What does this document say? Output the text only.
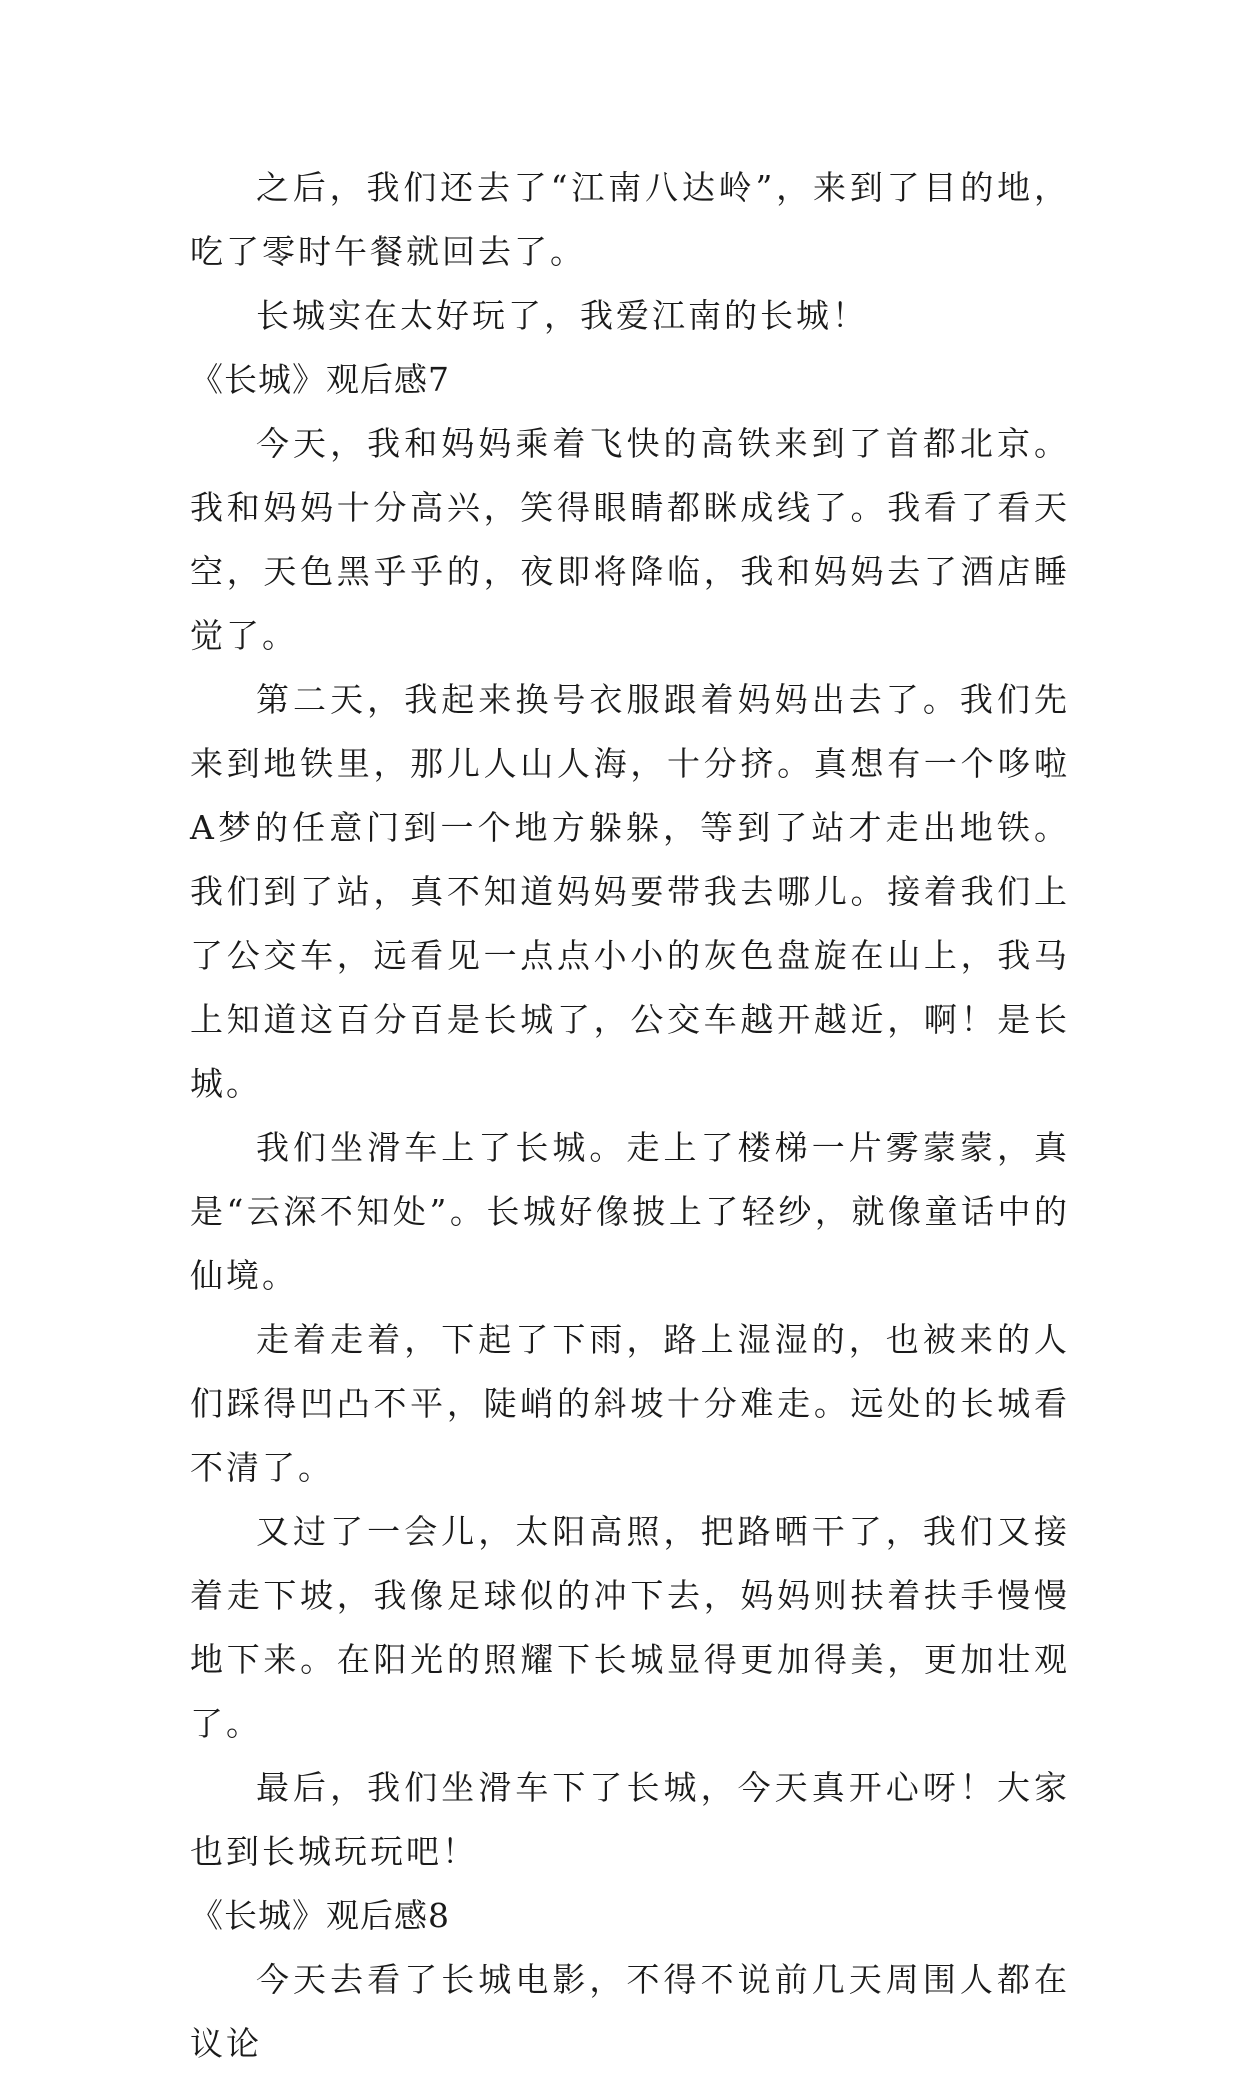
之后，我们还去了“江南八达岭”，来到了目的地，吃了零时午餐就回去了。

长城实在太好玩了，我爱江南的长城！

《长城》观后感7

今天，我和妈妈乘着飞快的高铁来到了首都北京。我和妈妈十分高兴，笑得眼睛都眯成线了。我看了看天空，天色黑乎乎的，夜即将降临，我和妈妈去了酒店睡觉了。

第二天，我起来换号衣服跟着妈妈出去了。我们先来到地铁里，那儿人山人海，十分挤。真想有一个哆啦A梦的任意门到一个地方躲躲，等到了站才走出地铁。我们到了站，真不知道妈妈要带我去哪儿。接着我们上了公交车，远看见一点点小小的灰色盘旋在山上，我马上知道这百分百是长城了，公交车越开越近，啊！是长城。

我们坐滑车上了长城。走上了楼梯一片雾蒙蒙，真是“云深不知处”。长城好像披上了轻纱，就像童话中的仙境。

走着走着，下起了下雨，路上湿湿的，也被来的人们踩得凹凸不平，陡峭的斜坡十分难走。远处的长城看不清了。

又过了一会儿，太阳高照，把路晒干了，我们又接着走下坡，我像足球似的冲下去，妈妈则扶着扶手慢慢地下来。在阳光的照耀下长城显得更加得美，更加壮观了。

最后，我们坐滑车下了长城，今天真开心呀！大家也到长城玩玩吧！

《长城》观后感8

今天去看了长城电影，不得不说前几天周围人都在议论
